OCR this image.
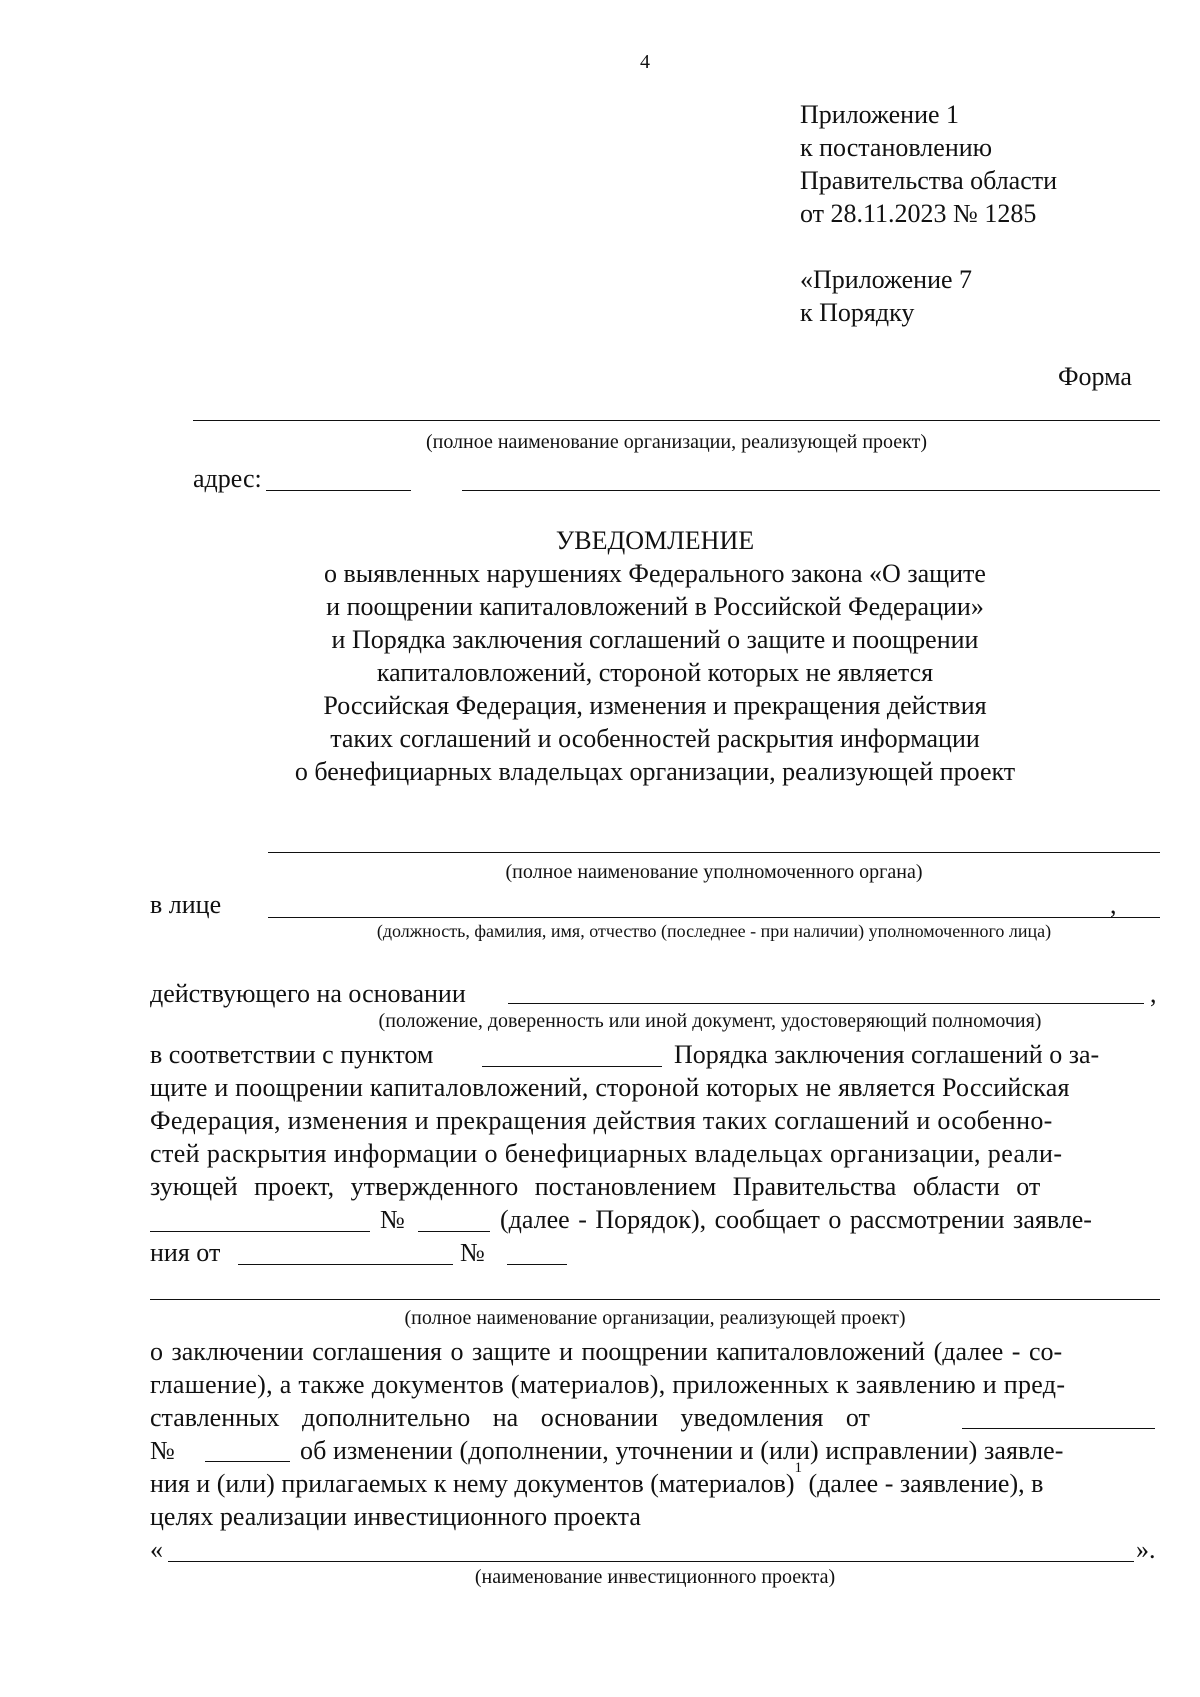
4
Приложение 1
к постановлению
Правительства области
от 28.11.2023 № 1285
«Приложение 7
к Порядку
Форма
(полное наименование организации, реализующей проект)
адрес:
УВЕДОМЛЕНИЕ
о выявленных нарушениях Федерального закона «О защите
и поощрении капиталовложений в Российской Федерации»
и Порядка заключения соглашений о защите и поощрении
капиталовложений, стороной которых не является
Российская Федерация, изменения и прекращения действия
таких соглашений и особенностей раскрытия информации
о бенефициарных владельцах организации, реализующей проект
(полное наименование уполномоченного органа)
в лице	,
(должность, фамилия, имя, отчество (последнее - при наличии) уполномоченного лица)
действующего на основании	,
(положение, доверенность или иной документ, удостоверяющий полномочия)
в соответствии с пунктом	Порядка заключения соглашений о за-
щите и поощрении капиталовложений, стороной которых не является Российская
Федерация, изменения и прекращения действия таких соглашений и особенно-
стей раскрытия информации о бенефициарных владельцах организации, реали-
зующей проект, утвержденного постановлением Правительства области от
№	(далее - Порядок), сообщает о рассмотрении заявле-
ния от	№
(полное наименование организации, реализующей проект)
о заключении соглашения о защите и поощрении капиталовложений (далее - со-
глашение), а также документов (материалов), приложенных к заявлению и пред-
ставленных дополнительно на основании уведомления от
№	об изменении (дополнении, уточнении и (или) исправлении) заявле-
ния и (или) прилагаемых к нему документов (материалов)$^1$ (далее - заявление), в
целях реализации инвестиционного проекта
«	».
(наименование инвестиционного проекта)
